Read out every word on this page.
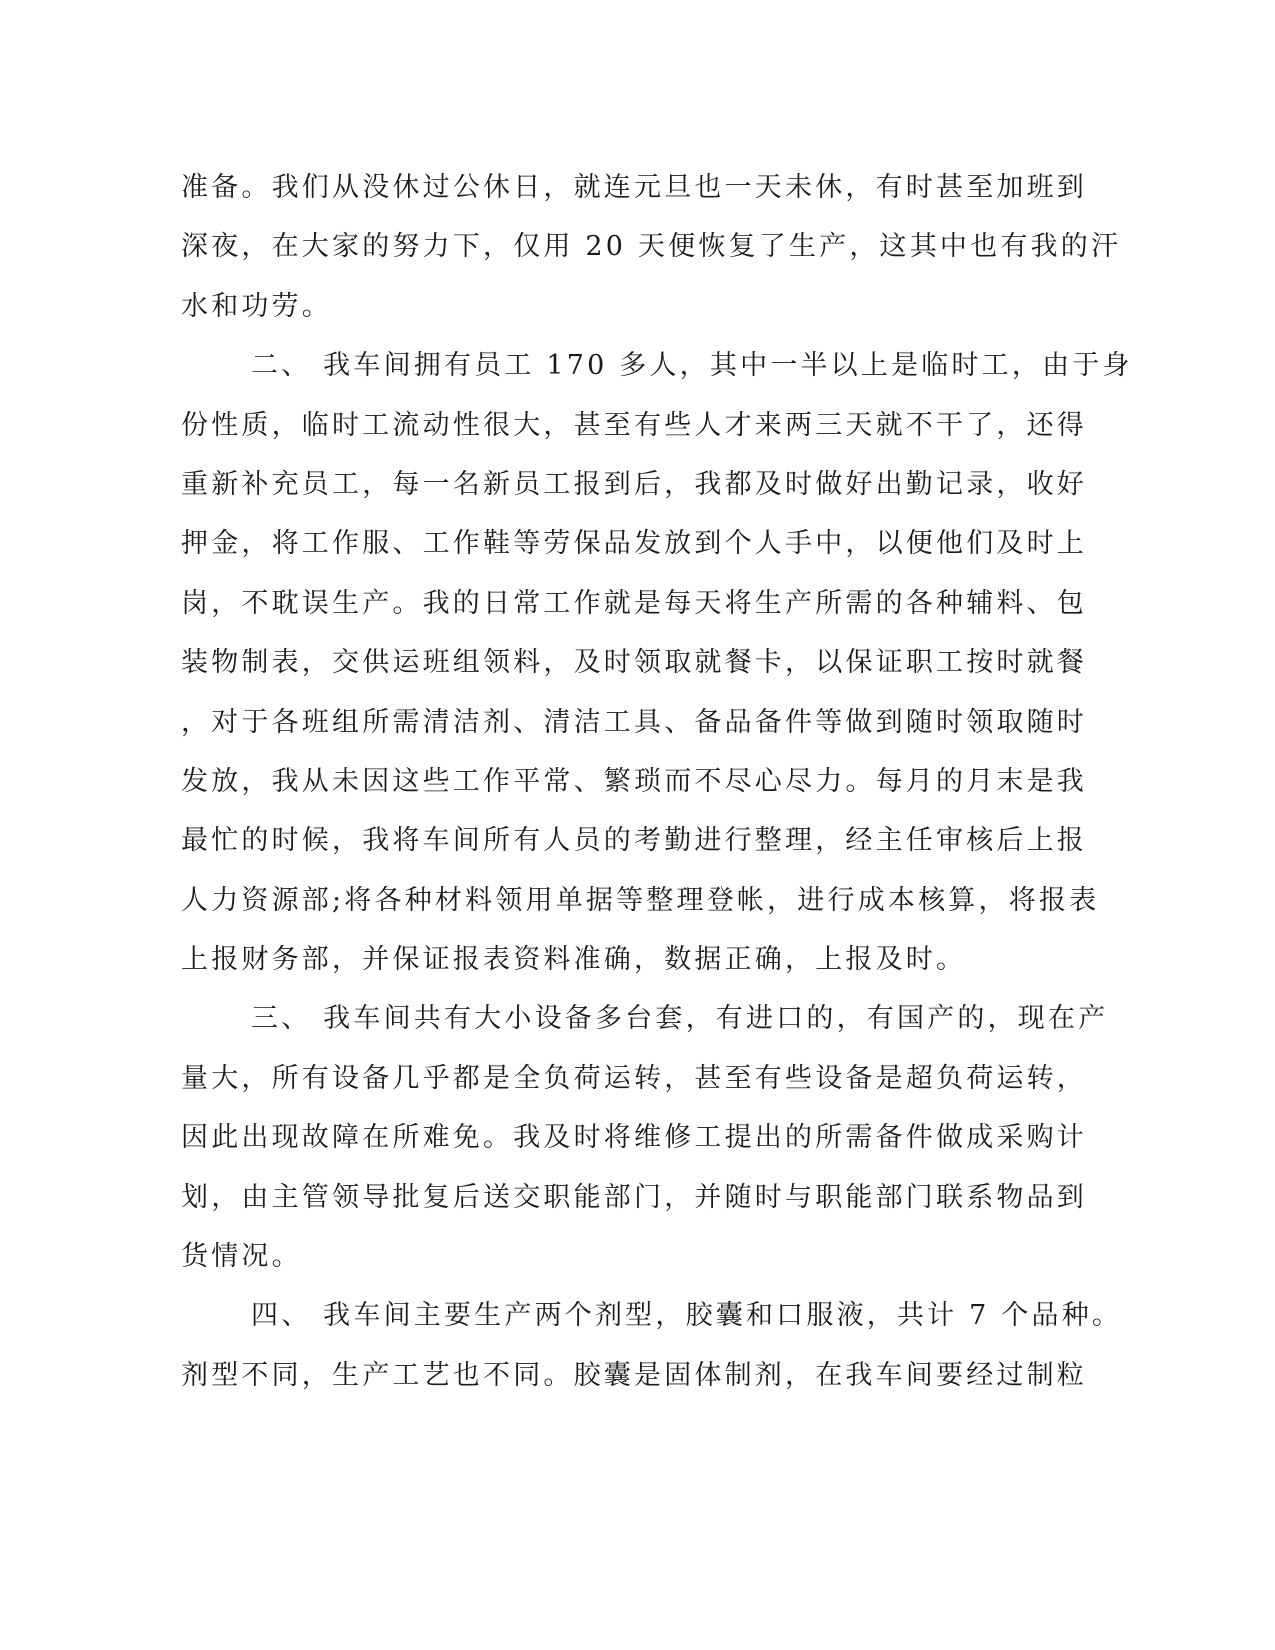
准备。我们从没休过公休日，就连元旦也一天未休，有时甚至加班到
深夜，在大家的努力下，仅用 20 天便恢复了生产，这其中也有我的汗
水和功劳。
二、 我车间拥有员工 170 多人，其中一半以上是临时工，由于身
份性质，临时工流动性很大，甚至有些人才来两三天就不干了，还得
重新补充员工，每一名新员工报到后，我都及时做好出勤记录，收好
押金，将工作服、工作鞋等劳保品发放到个人手中，以便他们及时上
岗，不耽误生产。我的日常工作就是每天将生产所需的各种辅料、包
装物制表，交供运班组领料，及时领取就餐卡，以保证职工按时就餐
，对于各班组所需清洁剂、清洁工具、备品备件等做到随时领取随时
发放，我从未因这些工作平常、繁琐而不尽心尽力。每月的月末是我
最忙的时候，我将车间所有人员的考勤进行整理，经主任审核后上报
人力资源部;将各种材料领用单据等整理登帐，进行成本核算，将报表
上报财务部，并保证报表资料准确，数据正确，上报及时。
三、 我车间共有大小设备多台套，有进口的，有国产的，现在产
量大，所有设备几乎都是全负荷运转，甚至有些设备是超负荷运转，
因此出现故障在所难免。我及时将维修工提出的所需备件做成采购计
划，由主管领导批复后送交职能部门，并随时与职能部门联系物品到
货情况。
四、 我车间主要生产两个剂型，胶囊和口服液，共计 7 个品种。
剂型不同，生产工艺也不同。胶囊是固体制剂，在我车间要经过制粒
